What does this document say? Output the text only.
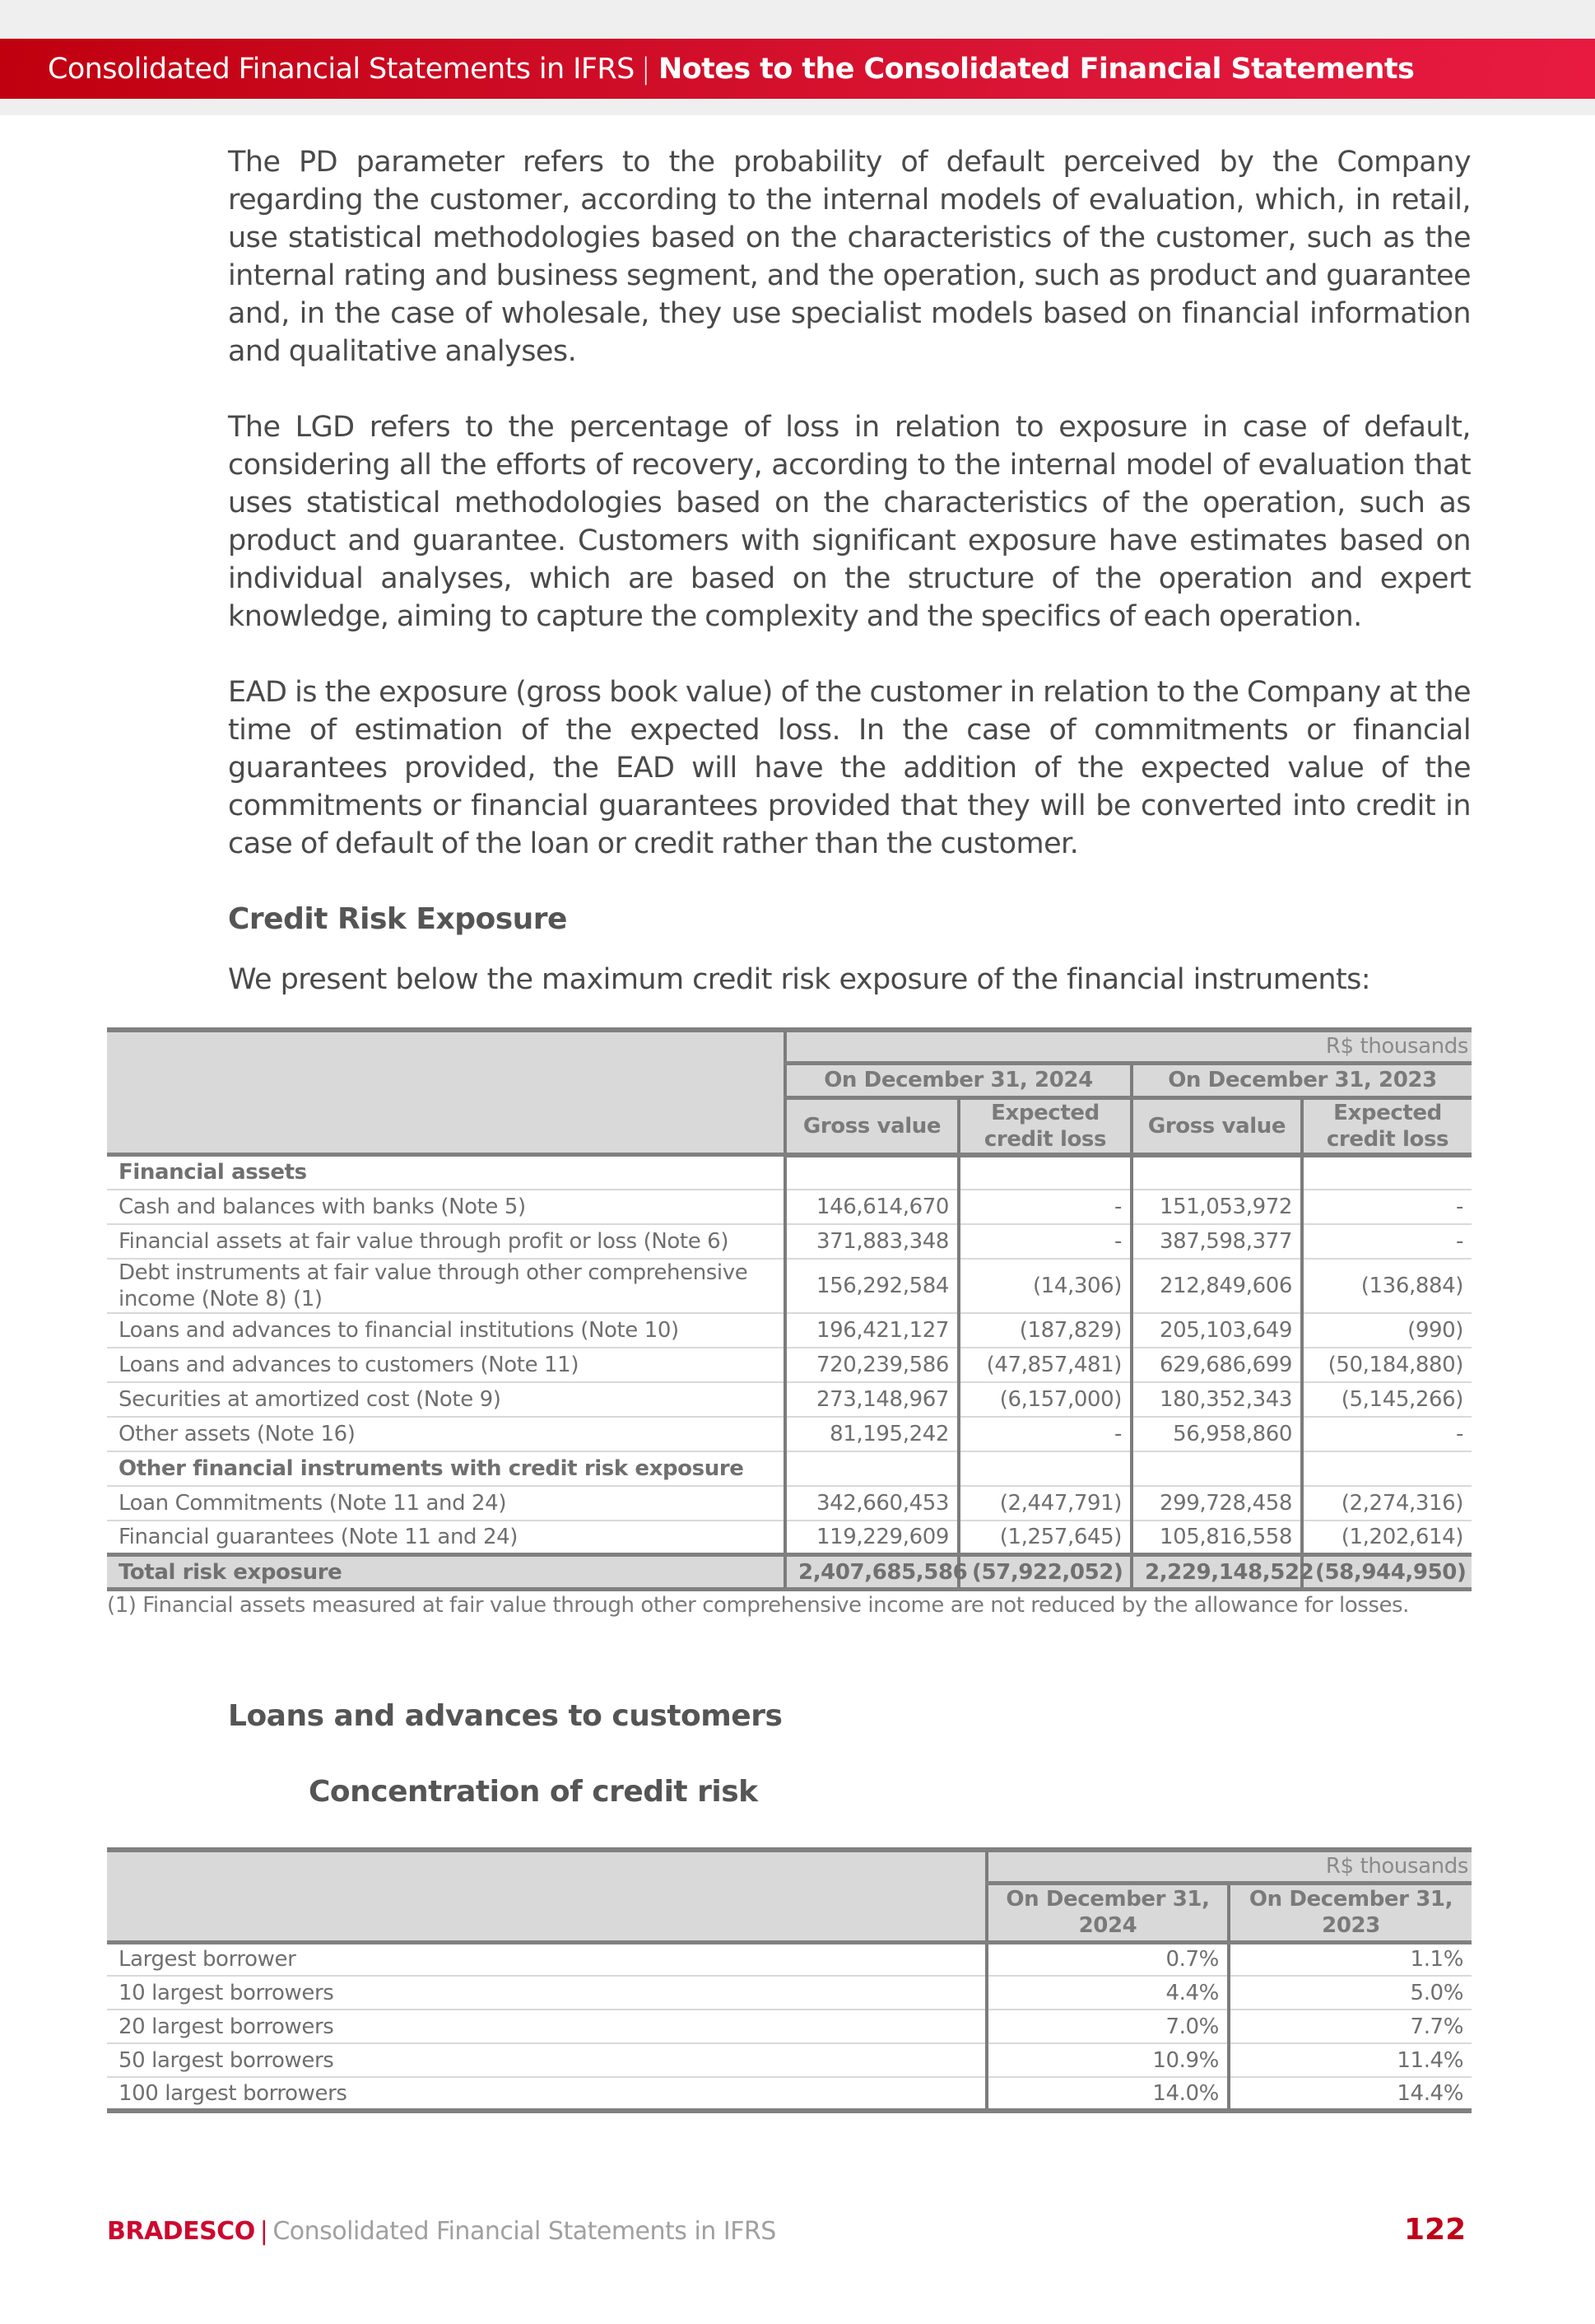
Consolidated Financial Statements in IFRS | Notes to the Consolidated Financial Statements

The PD parameter refers to the probability of default perceived by the Company regarding the customer, according to the internal models of evaluation, which, in retail, use statistical methodologies based on the characteristics of the customer, such as the internal rating and business segment, and the operation, such as product and guarantee and, in the case of wholesale, they use specialist models based on financial information and qualitative analyses.

The LGD refers to the percentage of loss in relation to exposure in case of default, considering all the efforts of recovery, according to the internal model of evaluation that uses statistical methodologies based on the characteristics of the operation, such as product and guarantee. Customers with significant exposure have estimates based on individual analyses, which are based on the structure of the operation and expert knowledge, aiming to capture the complexity and the specifics of each operation.

EAD is the exposure (gross book value) of the customer in relation to the Company at the time of estimation of the expected loss. In the case of commitments or financial guarantees provided, the EAD will have the addition of the expected value of the commitments or financial guarantees provided that they will be converted into credit in case of default of the loan or credit rather than the customer.

Credit Risk Exposure
We present below the maximum credit risk exposure of the financial instruments:
	R$ thousands			
	On December 31, 2024		On December 31, 2023	
	Gross value	Expected credit loss	Gross value	Expected credit loss
Financial assets				
Cash and balances with banks (Note 5)	146,614,670	-	151,053,972	-
Financial assets at fair value through profit or loss (Note 6)	371,883,348	-	387,598,377	-
Debt instruments at fair value through other comprehensive income (Note 8) (1)	156,292,584	(14,306)	212,849,606	(136,884)
Loans and advances to financial institutions (Note 10)	196,421,127	(187,829)	205,103,649	(990)
Loans and advances to customers (Note 11)	720,239,586	(47,857,481)	629,686,699	(50,184,880)
Securities at amortized cost (Note 9)	273,148,967	(6,157,000)	180,352,343	(5,145,266)
Other assets (Note 16)	81,195,242	-	56,958,860	-
Other financial instruments with credit risk exposure				
Loan Commitments (Note 11 and 24)	342,660,453	(2,447,791)	299,728,458	(2,274,316)
Financial guarantees (Note 11 and 24)	119,229,609	(1,257,645)	105,816,558	(1,202,614)
Total risk exposure	2,407,685,586	(57,922,052)	2,229,148,522	(58,944,950)
(1) Financial assets measured at fair value through other comprehensive income are not reduced by the allowance for losses.
Loans and advances to customers
Concentration of credit risk
	R$ thousands	
	On December 31, 2024	On December 31, 2023
Largest borrower	0.7%	1.1%
10 largest borrowers	4.4%	5.0%
20 largest borrowers	7.0%	7.7%
50 largest borrowers	10.9%	11.4%
100 largest borrowers	14.0%	14.4%
BRADESCO | Consolidated Financial Statements in IFRS	122
